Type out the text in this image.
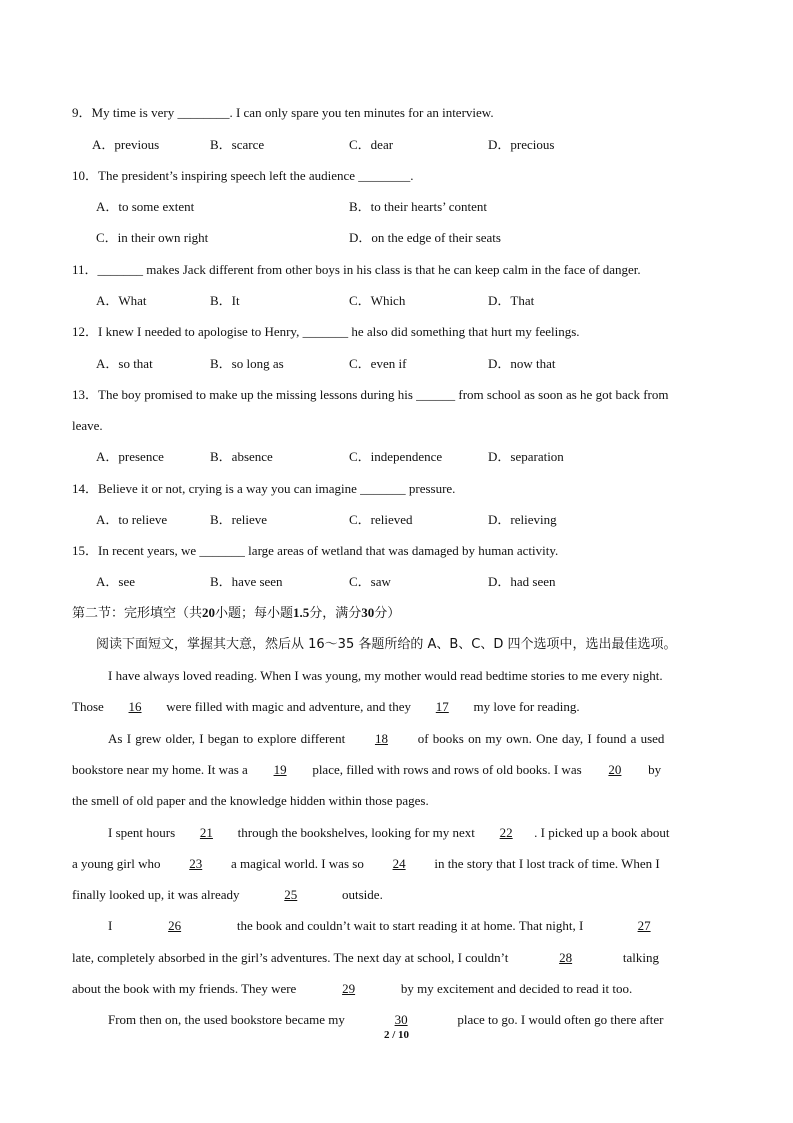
9．My time is very ________. I can only spare you ten minutes for an interview.
A．previous	B．scarce	C．dear	D．precious
10．The president’s inspiring speech left the audience ________.
A．to some extent	B．to their hearts’ content
C．in their own right	D．on the edge of their seats
11．_______ makes Jack different from other boys in his class is that he can keep calm in the face of danger.
A．What	B．It	C．Which	D．That
12．I knew I needed to apologise to Henry, _______ he also did something that hurt my feelings.
A．so that	B．so long as	C．even if	D．now that
13．The boy promised to make up the missing lessons during his ______ from school as soon as he got back from
leave.
A．presence	B．absence	C．independence	D．separation
14．Believe it or not, crying is a way you can imagine _______ pressure.
A．to relieve	B．relieve	C．relieved	D．relieving
15．In recent years, we _______ large areas of wetland that was damaged by human activity.
A．see	B．have seen	C．saw	D．had seen
第二节：完形填空（共20小题；每小题1.5分，满分30分）
阅读下面短文，掌握其大意，然后从 16～35 各题所给的 A、B、C、D 四个选项中，选出最佳选项。
I have always loved reading. When I was young, my mother would read bedtime stories to me every night.
Those 16 were filled with magic and adventure, and they 17 my love for reading.
As I grew older, I began to explore different 18 of books on my own. One day, I found a used
bookstore near my home. It was a 19 place, filled with rows and rows of old books. I was 20 by
the smell of old paper and the knowledge hidden within those pages.
I spent hours 21 through the bookshelves, looking for my next 22 . I picked up a book about
a young girl who 23 a magical world. I was so 24 in the story that I lost track of time. When I
finally looked up, it was already	25	outside.
I	26	the book and couldn’t wait to start reading it at home. That night, I	27
late, completely absorbed in the girl’s adventures. The next day at school, I couldn’t	28	talking
about the book with my friends. They were	29	by my excitement and decided to read it too.
From then on, the used bookstore became my	30	place to go. I would often go there after
2 / 10
